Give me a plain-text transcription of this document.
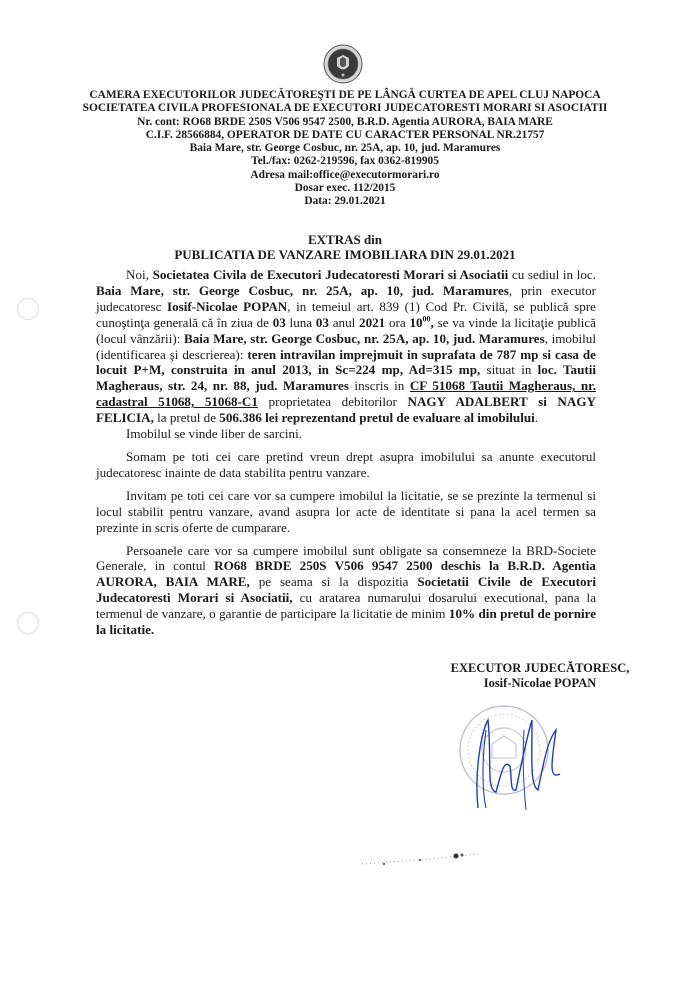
CAMERA EXECUTORILOR JUDECĂTOREŞTI DE PE LÂNGĂ CURTEA DE APEL CLUJ NAPOCA
SOCIETATEA CIVILA PROFESIONALA DE EXECUTORI JUDECATORESTI MORARI SI ASOCIATII
Nr. cont: RO68 BRDE 250S V506 9547 2500, B.R.D. Agentia AURORA, BAIA MARE
C.I.F. 28566884, OPERATOR DE DATE CU CARACTER PERSONAL NR.21757
Baia Mare, str. George Cosbuc, nr. 25A, ap. 10, jud. Maramures
Tel./fax: 0262-219596, fax 0362-819905
Adresa mail:office@executormorari.ro
Dosar exec. 112/2015
Data: 29.01.2021
EXTRAS din
PUBLICATIA DE VANZARE IMOBILIARA DIN 29.01.2021

Noi, Societatea Civila de Executori Judecatoresti Morari si Asociatii cu sediul in loc. Baia Mare, str. George Cosbuc, nr. 25A, ap. 10, jud. Maramures, prin executor judecatoresc Iosif-Nicolae POPAN, in temeiul art. 839 (1) Cod Pr. Civilă, se publică spre cunoştinţa generală că în ziua de 03 luna 03 anul 2021 ora $10^{00}$, se va vinde la licitaţie publică (locul vânzării): Baia Mare, str. George Cosbuc, nr. 25A, ap. 10, jud. Maramures, imobilul (identificarea şi descrierea): teren intravilan imprejmuit in suprafata de 787 mp si casa de locuit P+M, construita in anul 2013, in Sc=224 mp, Ad=315 mp, situat in loc. Tautii Magheraus, str. 24, nr. 88, jud. Maramures inscris in CF 51068 Tautii Magheraus, nr. cadastral 51068, 51068-C1 proprietatea debitorilor NAGY ADALBERT si NAGY FELICIA, la pretul de 506.386 lei reprezentand pretul de evaluare al imobilului.

Imobilul se vinde liber de sarcini.

Somam pe toti cei care pretind vreun drept asupra imobilului sa anunte executorul judecatoresc inainte de data stabilita pentru vanzare.

Invitam pe toti cei care vor sa cumpere imobilul la licitatie, se se prezinte la termenul si locul stabilit pentru vanzare, avand asupra lor acte de identitate si pana la acel termen sa prezinte in scris oferte de cumparare.

Persoanele care vor sa cumpere imobilul sunt obligate sa consemneze la BRD-Societe Generale, in contul RO68 BRDE 250S V506 9547 2500 deschis la B.R.D. Agentia AURORA, BAIA MARE, pe seama si la dispozitia Societatii Civile de Executori Judecatoresti Morari si Asociatii, cu aratarea numarului dosarului executional, pana la termenul de vanzare, o garantie de participare la licitatie de minim 10% din pretul de pornire la licitatie.

EXECUTOR JUDECĂTORESC,
Iosif-Nicolae POPAN
